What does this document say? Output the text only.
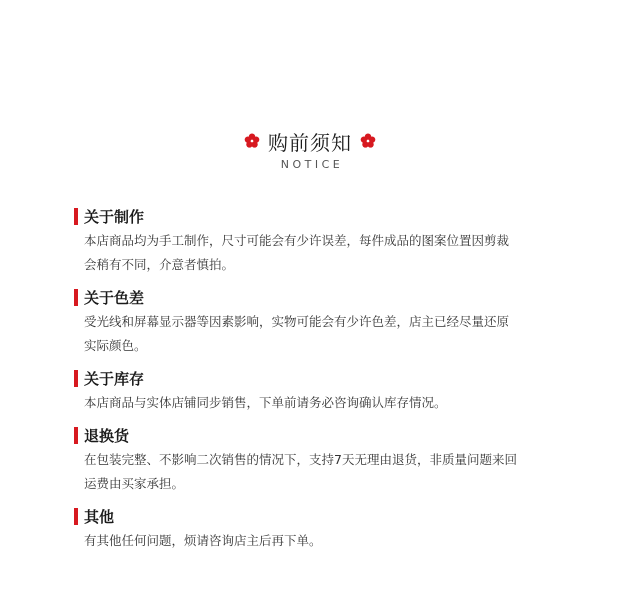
购前须知
NOTICE
关于制作
本店商品均为手工制作，尺寸可能会有少许误差，每件成品的图案位置因剪裁
会稍有不同，介意者慎拍。
关于色差
受光线和屏幕显示器等因素影响，实物可能会有少许色差，店主已经尽量还原
实际颜色。
关于库存
本店商品与实体店铺同步销售，下单前请务必咨询确认库存情况。
退换货
在包装完整、不影响二次销售的情况下，支持7天无理由退货，非质量问题来回
运费由买家承担。
其他
有其他任何问题，烦请咨询店主后再下单。
